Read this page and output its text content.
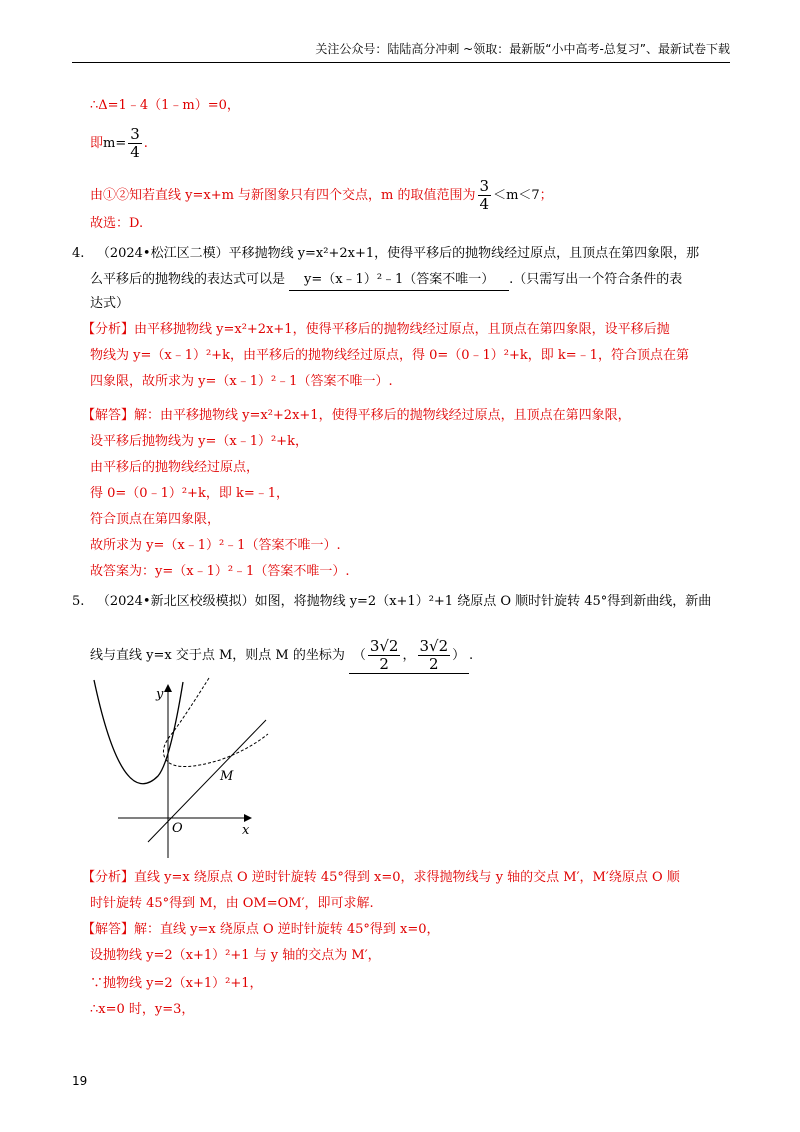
关注公众号：陆陆高分冲刺 ~领取：最新版“小中高考-总复习”、最新试卷下载
∴Δ=1﹣4（1﹣m）=0，
即$m= \frac{3}{4}$ .
由①②知若直线 y=x+m 与新图象只有四个交点，m 的取值范围为 $\frac{3}{4} <m<7$；
故选：D.
4. （2024•松江区二模）平移抛物线 y=x²+2x+1，使得平移后的抛物线经过原点，且顶点在第四象限，那
么平移后的抛物线的表达式可以是 y=（x﹣1）²﹣1（答案不唯一） .（只需写出一个符合条件的表
达式）
【分析】由平移抛物线 y=x²+2x+1，使得平移后的抛物线经过原点，且顶点在第四象限，设平移后抛
物线为 y=（x﹣1）²+k，由平移后的抛物线经过原点，得 0=（0﹣1）²+k，即 k=﹣1，符合顶点在第
四象限，故所求为 y=（x﹣1）²﹣1（答案不唯一）.
【解答】解：由平移抛物线 y=x²+2x+1，使得平移后的抛物线经过原点，且顶点在第四象限，
设平移后抛物线为 y=（x﹣1）²+k，
由平移后的抛物线经过原点，
得 0=（0﹣1）²+k，即 k=﹣1，
符合顶点在第四象限，
故所求为 y=（x﹣1）²﹣1（答案不唯一）.
故答案为：y=（x﹣1）²﹣1（答案不唯一）.
5. （2024•新北区校级模拟）如图，将抛物线 y=2（x+1）²+1 绕原点 O 顺时针旋转 45°得到新曲线，新曲
线与直线 y=x 交于点 M，则点 M 的坐标为 （ $\frac{3√2}{2}$ ， $\frac{3√2}{2}$ ） .
y
x
O
M
【分析】直线 y=x 绕原点 O 逆时针旋转 45°得到 x=0，求得抛物线与 y 轴的交点 M′，M′绕原点 O 顺
时针旋转 45°得到 M，由 OM=OM′，即可求解.
【解答】解：直线 y=x 绕原点 O 逆时针旋转 45°得到 x=0，
设抛物线 y=2（x+1）²+1 与 y 轴的交点为 M′，
∵抛物线 y=2（x+1）²+1，
∴x=0 时，y=3，
19
